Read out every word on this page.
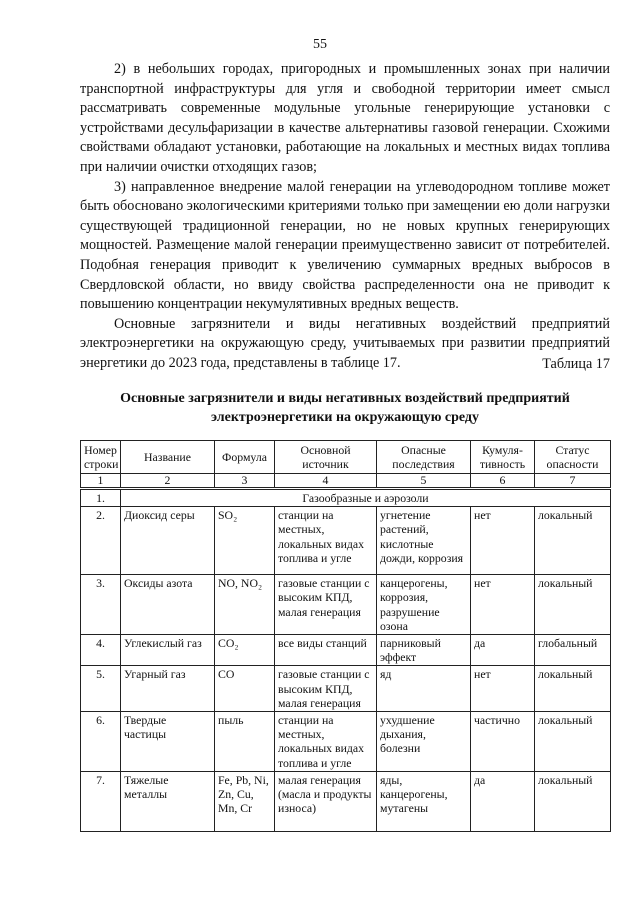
55

2) в небольших городах, пригородных и промышленных зонах при наличии транспортной инфраструктуры для угля и свободной территории имеет смысл рассматривать современные модульные угольные генерирующие установки с устройствами десульфаризации в качестве альтернативы газовой генерации. Схожими свойствами обладают установки, работающие на локальных и местных видах топлива при наличии очистки отходящих газов;

3) направленное внедрение малой генерации на углеводородном топливе может быть обосновано экологическими критериями только при замещении ею доли нагрузки существующей традиционной генерации, но не новых крупных генерирующих мощностей. Размещение малой генерации преимущественно зависит от потребителей. Подобная генерация приводит к увеличению суммарных вредных выбросов в Свердловской области, но ввиду свойства распределенности она не приводит к повышению концентрации некумулятивных вредных веществ.

Основные загрязнители и виды негативных воздействий предприятий электроэнергетики на окружающую среду, учитываемых при развитии предприятий энергетики до 2023 года, представлены в таблице 17.	Таблица 17
Основные загрязнители и виды негативных воздействий предприятий электроэнергетики на окружающую среду
Номер строки	Название	Формула	Основной источник	Опасные последствия	Кумуля-тивность	Статус опасности
1	2	3	4	5	6	7
1.	Газообразные и аэрозоли					
2.	Диоксид серы	SO₂	станции на местных, локальных видах топлива и угле	угнетение растений, кислотные дожди, коррозия	нет	локальный
3.	Оксиды азота	NO, NO₂	газовые станции с высоким КПД, малая генерация	канцерогены, коррозия, разрушение озона	нет	локальный
4.	Углекислый газ	CO₂	все виды станций	парниковый эффект	да	глобальный
5.	Угарный газ	CO	газовые станции с высоким КПД, малая генерация	яд	нет	локальный
6.	Твердые частицы	пыль	станции на местных, локальных видах топлива и угле	ухудшение дыхания, болезни	частично	локальный
7.	Тяжелые металлы	Fe, Pb, Ni, Zn, Cu, Mn, Cr	малая генерация (масла и продукты износа)	яды, канцерогены, мутагены	да	локальный
